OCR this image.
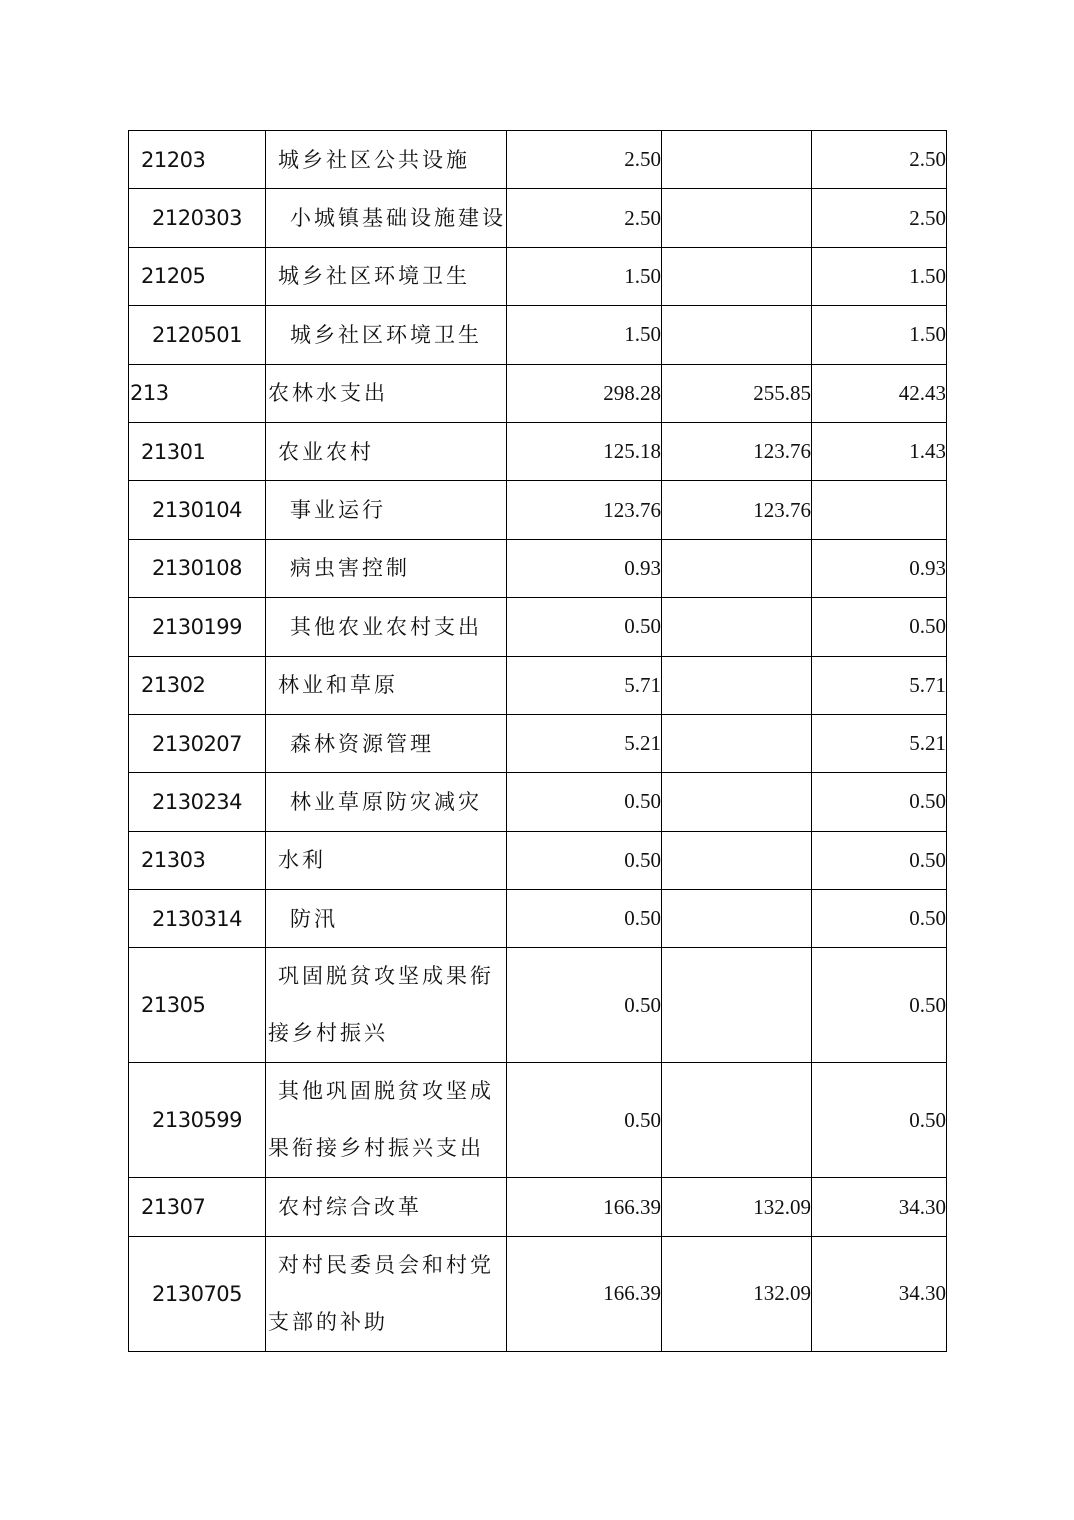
21203	城乡社区公共设施	2.50		2.50
2120303	小城镇基础设施建设	2.50		2.50
21205	城乡社区环境卫生	1.50		1.50
2120501	城乡社区环境卫生	1.50		1.50
213	农林水支出	298.28	255.85	42.43
21301	农业农村	125.18	123.76	1.43
2130104	事业运行	123.76	123.76	
2130108	病虫害控制	0.93		0.93
2130199	其他农业农村支出	0.50		0.50
21302	林业和草原	5.71		5.71
2130207	森林资源管理	5.21		5.21
2130234	林业草原防灾减灾	0.50		0.50
21303	水利	0.50		0.50
2130314	防汛	0.50		0.50
21305	巩固脱贫攻坚成果衔接乡村振兴	0.50		0.50
2130599	其他巩固脱贫攻坚成果衔接乡村振兴支出	0.50		0.50
21307	农村综合改革	166.39	132.09	34.30
2130705	对村民委员会和村党支部的补助	166.39	132.09	34.30
